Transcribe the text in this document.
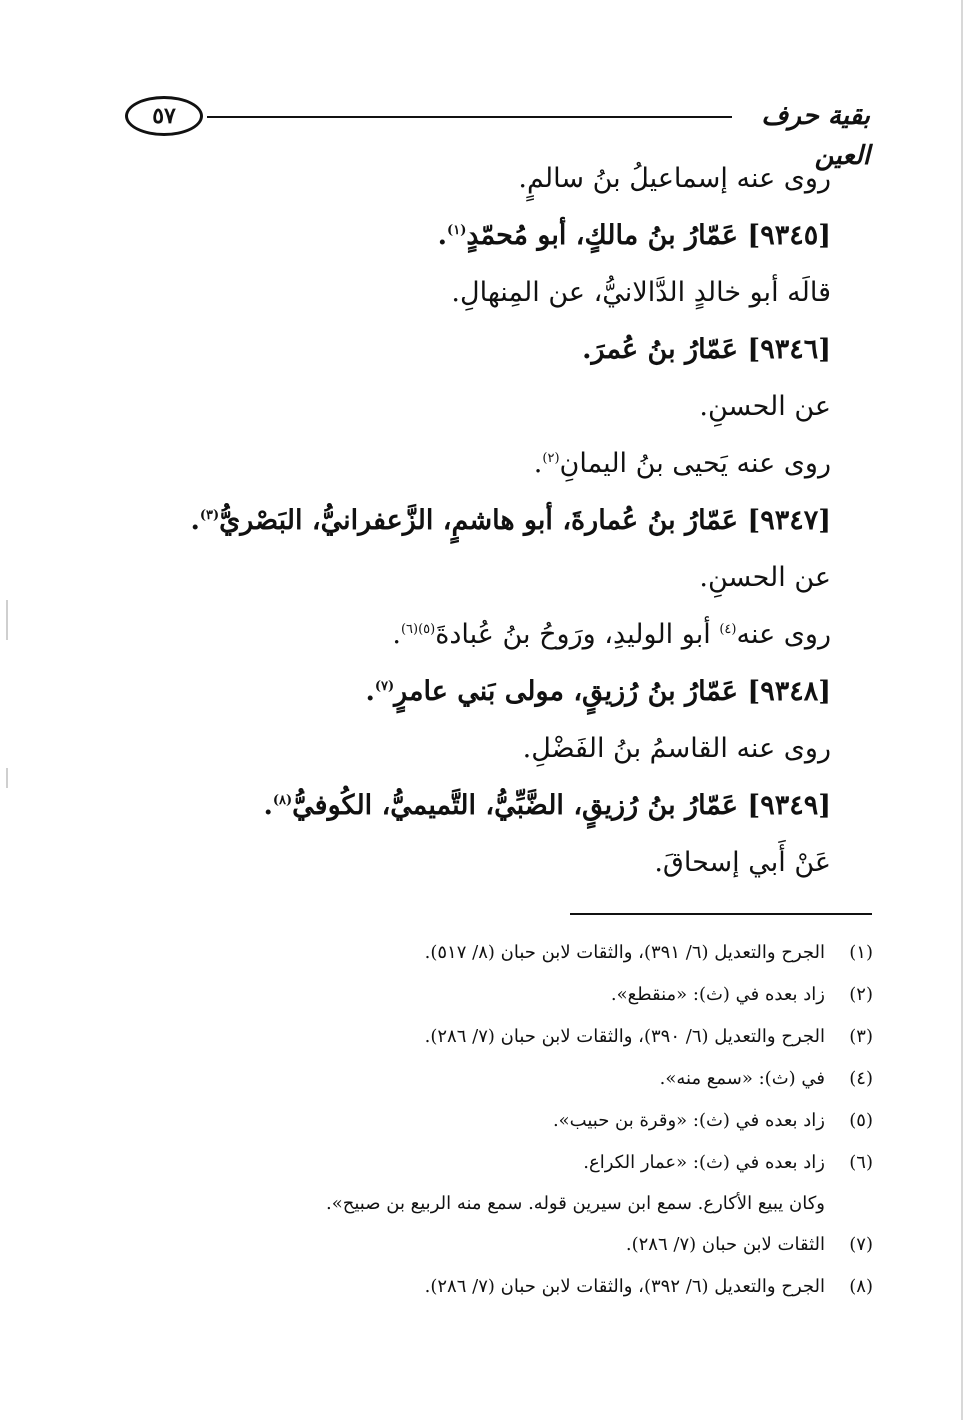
٥٧	بقية حرف العين
روى عنه إسماعيلُ بنُ سالمٍ.
[٩٣٤٥] عَمّارُ بنُ مالكٍ، أبو مُحمّدٍ$^{(١)}$.
قالَه أبو خالدٍ الدَّالانيُّ، عن المِنهالِ.
[٩٣٤٦] عَمّارُ بنُ عُمرَ.
عن الحسنِ.
روى عنه يَحيى بنُ اليمانِ$^{(٢)}$.
[٩٣٤٧] عَمّارُ بنُ عُمارةَ، أبو هاشمٍ، الزَّعفرانيُّ، البَصْريُّ$^{(٣)}$.
عن الحسنِ.
روى عنه$^{(٤)}$ أبو الوليدِ، ورَوحُ بنُ عُبادةَ$^{(٥)(٦)}$.
[٩٣٤٨] عَمّارُ بنُ رُزيقٍ، مولى بَني عامرٍ$^{(٧)}$.
روى عنه القاسمُ بنُ الفَضْلِ.
[٩٣٤٩] عَمّارُ بنُ رُزيقٍ، الضَّبِّيُّ، التَّميميُّ، الكُوفيُّ$^{(٨)}$.
عَنْ أَبي إسحاقَ.
(١)
الجرح والتعديل (٦/ ٣٩١)، والثقات لابن حبان (٨/ ٥١٧).
(٢)
زاد بعده في (ث): «منقطع».
(٣)
الجرح والتعديل (٦/ ٣٩٠)، والثقات لابن حبان (٧/ ٢٨٦).
(٤)
في (ث): «سمع منه».
(٥)
زاد بعده في (ث): «وقرة بن حبيب».
(٦)
زاد بعده في (ث): «عمار الكراع.
وكان يبيع الأكارع. سمع ابن سيرين قوله. سمع منه الربيع بن صبيح».
(٧)
الثقات لابن حبان (٧/ ٢٨٦).
(٨)
الجرح والتعديل (٦/ ٣٩٢)، والثقات لابن حبان (٧/ ٢٨٦).
